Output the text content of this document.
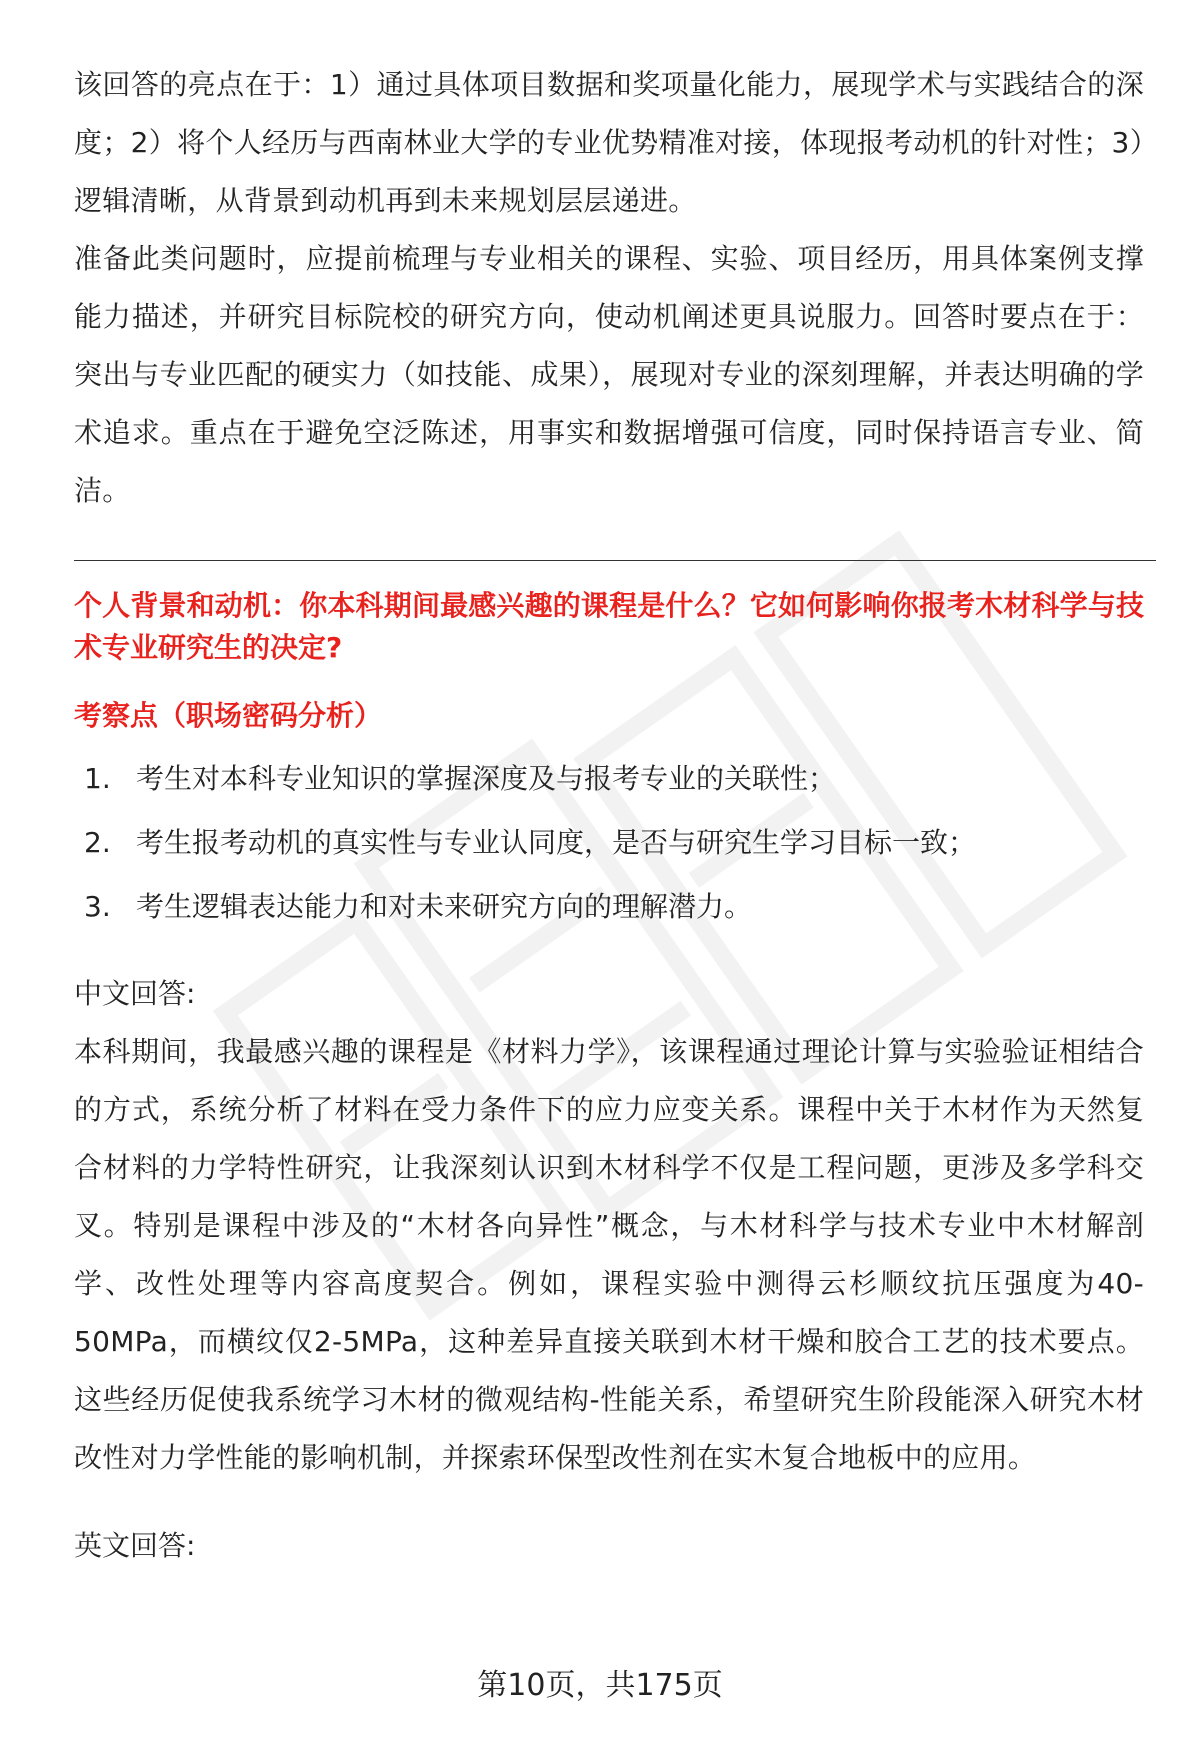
该回答的亮点在于：1）通过具体项目数据和奖项量化能力，展现学术与实践结合的深度；2）将个人经历与西南林业大学的专业优势精准对接，体现报考动机的针对性；3）逻辑清晰，从背景到动机再到未来规划层层递进。

准备此类问题时，应提前梳理与专业相关的课程、实验、项目经历，用具体案例支撑能力描述，并研究目标院校的研究方向，使动机阐述更具说服力。回答时要点在于：突出与专业匹配的硬实力（如技能、成果），展现对专业的深刻理解，并表达明确的学术追求。重点在于避免空泛陈述，用事实和数据增强可信度，同时保持语言专业、简洁。

个人背景和动机：你本科期间最感兴趣的课程是什么？它如何影响你报考木材科学与技术专业研究生的决定?

考察点（职场密码分析）

1. 考生对本科专业知识的掌握深度及与报考专业的关联性；
2. 考生报考动机的真实性与专业认同度，是否与研究生学习目标一致；
3. 考生逻辑表达能力和对未来研究方向的理解潜力。

中文回答:

本科期间，我最感兴趣的课程是《材料力学》，该课程通过理论计算与实验验证相结合的方式，系统分析了材料在受力条件下的应力应变关系。课程中关于木材作为天然复合材料的力学特性研究，让我深刻认识到木材科学不仅是工程问题，更涉及多学科交叉。特别是课程中涉及的“木材各向异性”概念，与木材科学与技术专业中木材解剖学、改性处理等内容高度契合。例如，课程实验中测得云杉顺纹抗压强度为40-50MPa，而横纹仅2-5MPa，这种差异直接关联到木材干燥和胶合工艺的技术要点。这些经历促使我系统学习木材的微观结构-性能关系，希望研究生阶段能深入研究木材改性对力学性能的影响机制，并探索环保型改性剂在实木复合地板中的应用。

英文回答:

第10页，共175页
